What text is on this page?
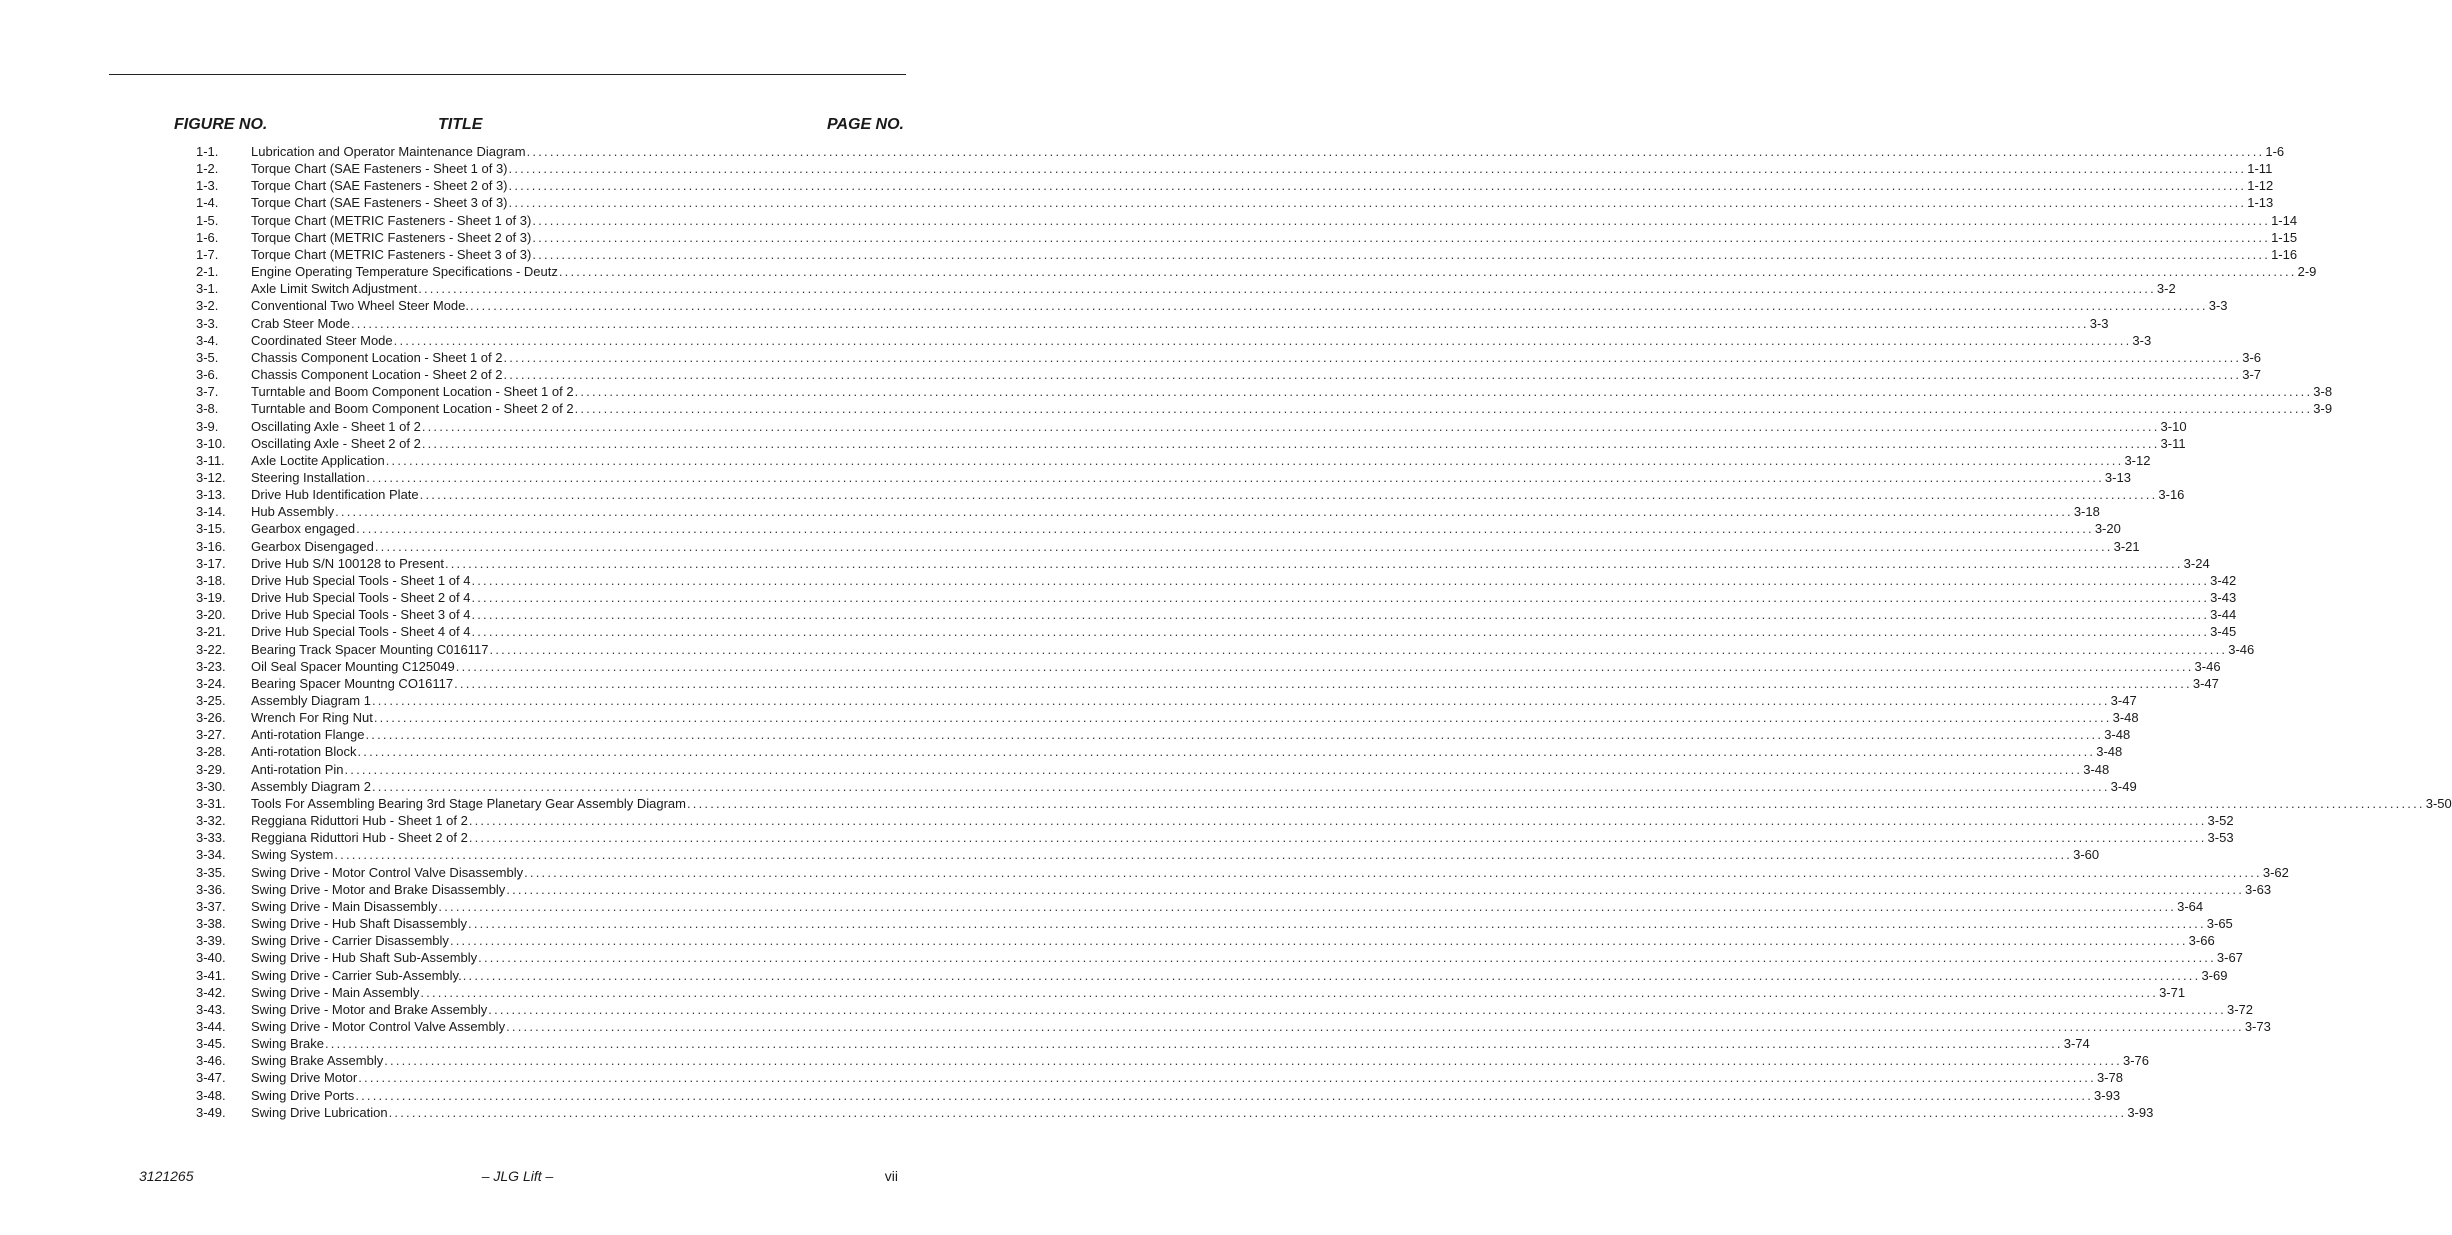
FIGURE NO.	TITLE	PAGE NO.
1-1.	Lubrication and Operator Maintenance Diagram ........................................................................................................................................................................................................................................................................................................... 1-6
1-2.	Torque Chart (SAE Fasteners - Sheet 1 of 3) ........................................................................................................................................................................................................................................................................................................... 1-11
1-3.	Torque Chart (SAE Fasteners - Sheet 2 of 3) ........................................................................................................................................................................................................................................................................................................... 1-12
1-4.	Torque Chart (SAE Fasteners - Sheet 3 of 3) ........................................................................................................................................................................................................................................................................................................... 1-13
1-5.	Torque Chart (METRIC Fasteners - Sheet 1 of 3) ........................................................................................................................................................................................................................................................................................................... 1-14
1-6.	Torque Chart (METRIC Fasteners - Sheet 2 of 3) ........................................................................................................................................................................................................................................................................................................... 1-15
1-7.	Torque Chart (METRIC Fasteners - Sheet 3 of 3) ........................................................................................................................................................................................................................................................................................................... 1-16
2-1.	Engine Operating Temperature Specifications - Deutz ........................................................................................................................................................................................................................................................................................................... 2-9
3-1.	Axle Limit Switch Adjustment ........................................................................................................................................................................................................................................................................................................... 3-2
3-2.	Conventional Two Wheel Steer Mode. ........................................................................................................................................................................................................................................................................................................... 3-3
3-3.	Crab Steer Mode ........................................................................................................................................................................................................................................................................................................... 3-3
3-4.	Coordinated Steer Mode ........................................................................................................................................................................................................................................................................................................... 3-3
3-5.	Chassis Component Location - Sheet 1 of 2 ........................................................................................................................................................................................................................................................................................................... 3-6
3-6.	Chassis Component Location - Sheet 2 of 2 ........................................................................................................................................................................................................................................................................................................... 3-7
3-7.	Turntable and Boom Component Location - Sheet 1 of 2 ........................................................................................................................................................................................................................................................................................................... 3-8
3-8.	Turntable and Boom Component Location - Sheet 2 of 2 ........................................................................................................................................................................................................................................................................................................... 3-9
3-9.	Oscillating Axle - Sheet 1 of 2 ........................................................................................................................................................................................................................................................................................................... 3-10
3-10. Oscillating Axle - Sheet 2 of 2 ........................................................................................................................................................................................................................................................................................................... 3-11
3-11. Axle Loctite Application ........................................................................................................................................................................................................................................................................................................... 3-12
3-12. Steering Installation ........................................................................................................................................................................................................................................................................................................... 3-13
3-13. Drive Hub Identification Plate ........................................................................................................................................................................................................................................................................................................... 3-16
3-14. Hub Assembly ........................................................................................................................................................................................................................................................................................................... 3-18
3-15. Gearbox engaged ........................................................................................................................................................................................................................................................................................................... 3-20
3-16. Gearbox Disengaged ........................................................................................................................................................................................................................................................................................................... 3-21
3-17. Drive Hub S/N 100128 to Present ........................................................................................................................................................................................................................................................................................................... 3-24
3-18. Drive Hub Special Tools - Sheet 1 of 4 ........................................................................................................................................................................................................................................................................................................... 3-42
3-19. Drive Hub Special Tools - Sheet 2 of 4 ........................................................................................................................................................................................................................................................................................................... 3-43
3-20. Drive Hub Special Tools - Sheet 3 of 4 ........................................................................................................................................................................................................................................................................................................... 3-44
3-21. Drive Hub Special Tools - Sheet 4 of 4 ........................................................................................................................................................................................................................................................................................................... 3-45
3-22. Bearing Track Spacer Mounting C016117 ........................................................................................................................................................................................................................................................................................................... 3-46
3-23. Oil Seal Spacer Mounting C125049 ........................................................................................................................................................................................................................................................................................................... 3-46
3-24. Bearing Spacer Mountng CO16117 ........................................................................................................................................................................................................................................................................................................... 3-47
3-25. Assembly Diagram 1 ........................................................................................................................................................................................................................................................................................................... 3-47
3-26. Wrench For Ring Nut ........................................................................................................................................................................................................................................................................................................... 3-48
3-27. Anti-rotation Flange ........................................................................................................................................................................................................................................................................................................... 3-48
3-28. Anti-rotation Block ........................................................................................................................................................................................................................................................................................................... 3-48
3-29. Anti-rotation Pin ........................................................................................................................................................................................................................................................................................................... 3-48
3-30. Assembly Diagram 2 ........................................................................................................................................................................................................................................................................................................... 3-49
3-31. Tools For Assembling Bearing 3rd Stage Planetary Gear Assembly Diagram ........................................................................................................................................................................................................................................................................................................... 3-50
3-32. Reggiana Riduttori Hub - Sheet 1 of 2 ........................................................................................................................................................................................................................................................................................................... 3-52
3-33. Reggiana Riduttori Hub - Sheet 2 of 2 ........................................................................................................................................................................................................................................................................................................... 3-53
3-34. Swing System ........................................................................................................................................................................................................................................................................................................... 3-60
3-35. Swing Drive - Motor Control Valve Disassembly ........................................................................................................................................................................................................................................................................................................... 3-62
3-36. Swing Drive - Motor and Brake Disassembly ........................................................................................................................................................................................................................................................................................................... 3-63
3-37. Swing Drive - Main Disassembly ........................................................................................................................................................................................................................................................................................................... 3-64
3-38. Swing Drive - Hub Shaft Disassembly ........................................................................................................................................................................................................................................................................................................... 3-65
3-39. Swing Drive - Carrier Disassembly ........................................................................................................................................................................................................................................................................................................... 3-66
3-40. Swing Drive - Hub Shaft Sub-Assembly ........................................................................................................................................................................................................................................................................................................... 3-67
3-41. Swing Drive - Carrier Sub-Assembly. ........................................................................................................................................................................................................................................................................................................... 3-69
3-42. Swing Drive - Main Assembly ........................................................................................................................................................................................................................................................................................................... 3-71
3-43. Swing Drive - Motor and Brake Assembly ........................................................................................................................................................................................................................................................................................................... 3-72
3-44. Swing Drive - Motor Control Valve Assembly ........................................................................................................................................................................................................................................................................................................... 3-73
3-45. Swing Brake ........................................................................................................................................................................................................................................................................................................... 3-74
3-46. Swing Brake Assembly ........................................................................................................................................................................................................................................................................................................... 3-76
3-47. Swing Drive Motor ........................................................................................................................................................................................................................................................................................................... 3-78
3-48. Swing Drive Ports ........................................................................................................................................................................................................................................................................................................... 3-93
3-49. Swing Drive Lubrication ........................................................................................................................................................................................................................................................................................................... 3-93
3121265	– JLG Lift –	vii
